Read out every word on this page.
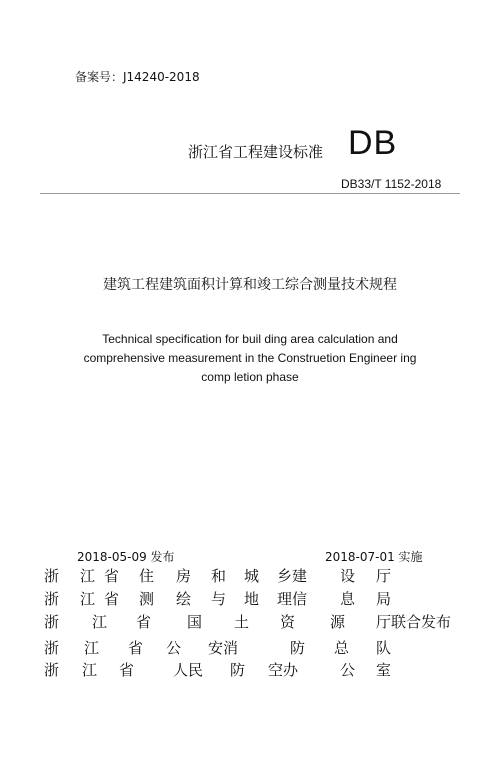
备案号：J14240-2018
浙江省工程建设标准 DB
DB33/T 1152-2018
建筑工程建筑面积计算和竣工综合测量技术规程
Technical specification for buil ding area calculation and
comprehensive measurement in the Construetion Engineer ing
comp letion phase
2018-05-09 发布	2018-07-01 实施
浙 江 省 住 房 和 城 乡建 设 厅
浙 江 省 测 绘 与 地 理信 息 局
浙 江 省 国 土 资 源 厅联合发布
浙 江 省 公 安消	防 总 队
浙 江 省	人民 防 空办	公 室
